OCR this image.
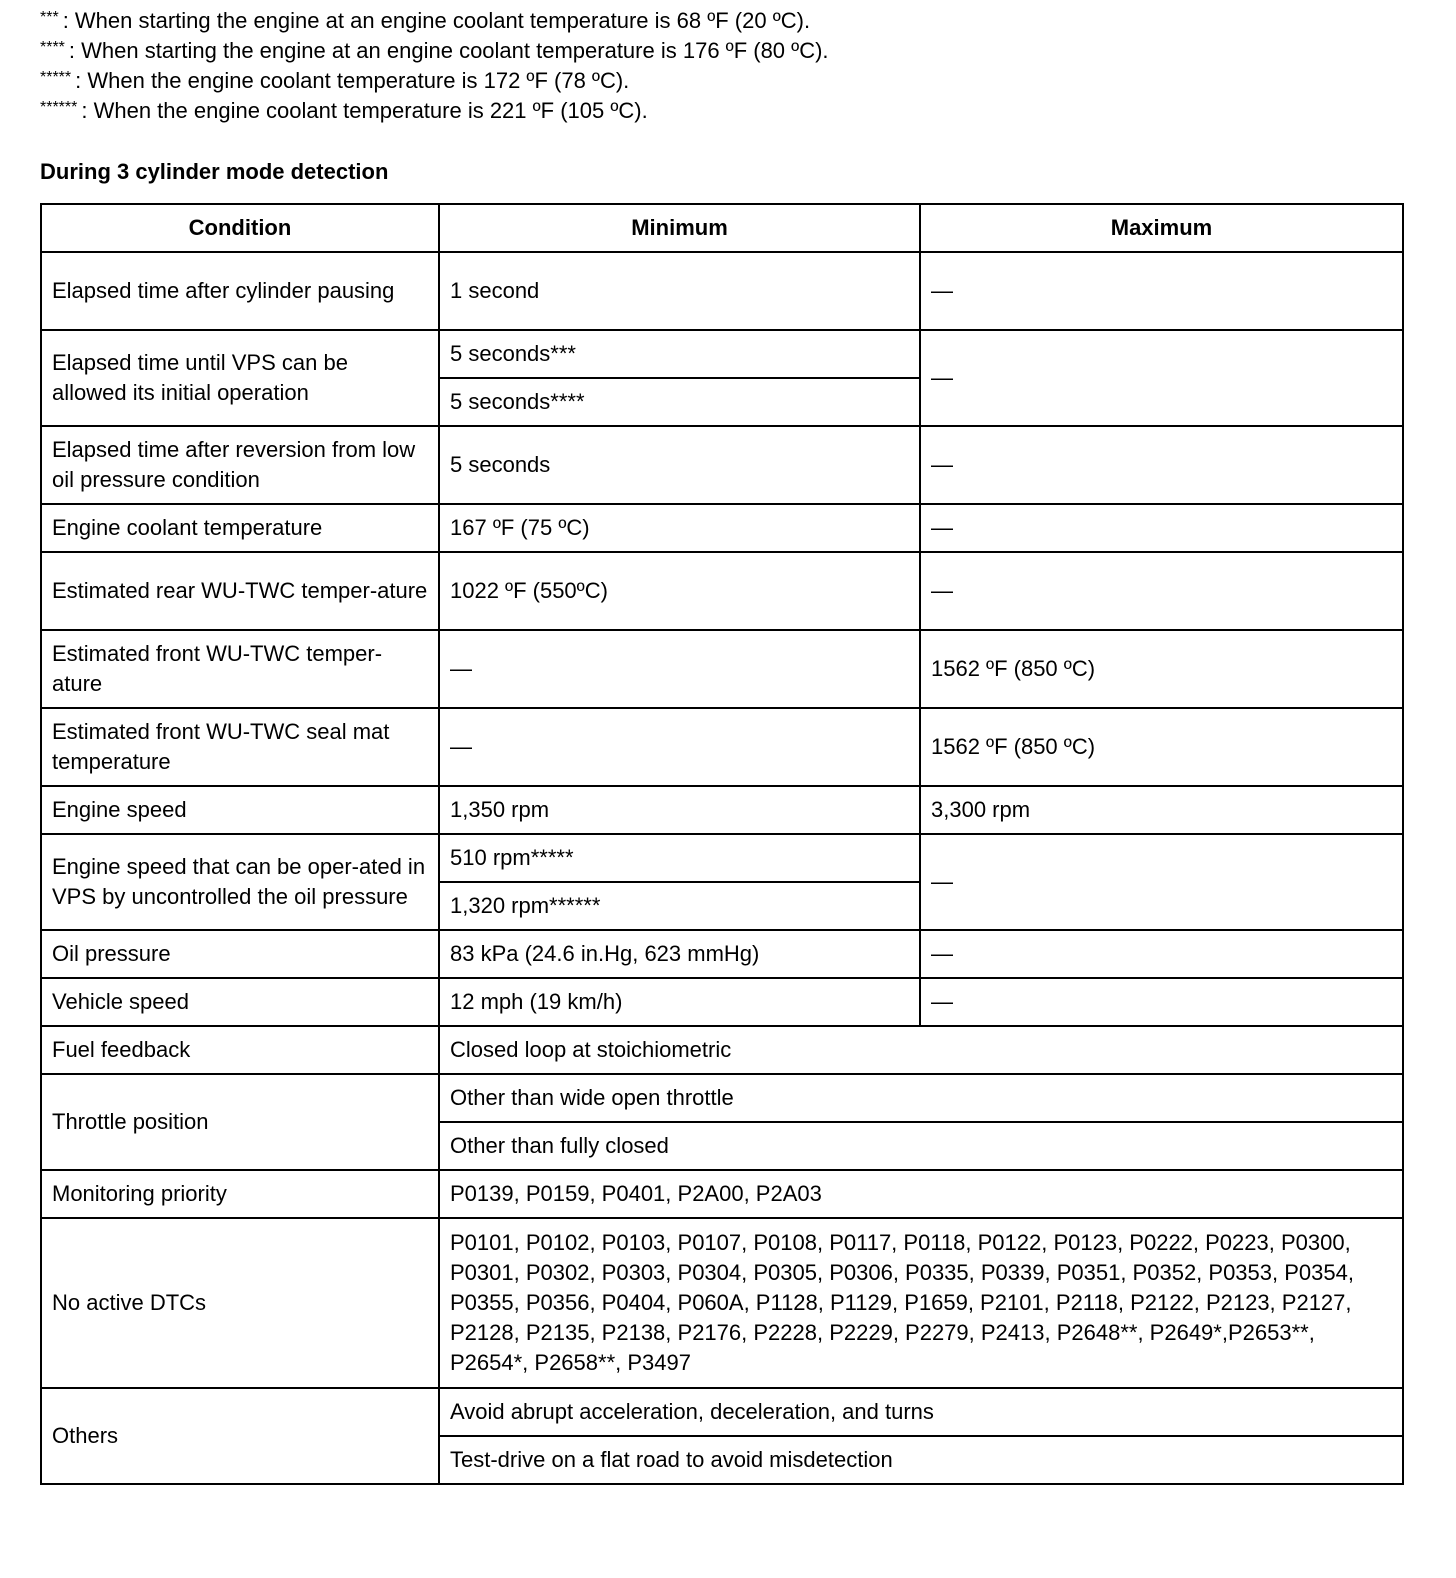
*** : When starting the engine at an engine coolant temperature is 68 ºF (20 ºC).
**** : When starting the engine at an engine coolant temperature is 176 ºF (80 ºC).
***** : When the engine coolant temperature is 172 ºF (78 ºC).
****** : When the engine coolant temperature is 221 ºF (105 ºC).
During 3 cylinder mode detection
Condition	Minimum	Maximum
Elapsed time after cylinder pausing	1 second	—
Elapsed time until VPS can be allowed its initial operation	5 seconds***	—
	5 seconds****	
Elapsed time after reversion from low oil pressure condition	5 seconds	—
Engine coolant temperature	167 ºF (75 ºC)	—
Estimated rear WU-TWC temper-ature	1022 ºF (550ºC)	—
Estimated front WU-TWC temper-ature	—	1562 ºF (850 ºC)
Estimated front WU-TWC seal mat temperature	—	1562 ºF (850 ºC)
Engine speed	1,350 rpm	3,300 rpm
Engine speed that can be oper-ated in VPS by uncontrolled the oil pressure	510 rpm*****	—
	1,320 rpm******	
Oil pressure	83 kPa (24.6 in.Hg, 623 mmHg)	—
Vehicle speed	12 mph (19 km/h)	—
Fuel feedback	Closed loop at stoichiometric	
Throttle position	Other than wide open throttle	
	Other than fully closed	
Monitoring priority	P0139, P0159, P0401, P2A00, P2A03	
No active DTCs	P0101, P0102, P0103, P0107, P0108, P0117, P0118, P0122, P0123, P0222, P0223, P0300, P0301, P0302, P0303, P0304, P0305, P0306, P0335, P0339, P0351, P0352, P0353, P0354, P0355, P0356, P0404, P060A, P1128, P1129, P1659, P2101, P2118, P2122, P2123, P2127, P2128, P2135, P2138, P2176, P2228, P2229, P2279, P2413, P2648**, P2649*,P2653**, P2654*, P2658**, P3497	
Others	Avoid abrupt acceleration, deceleration, and turns	
	Test-drive on a flat road to avoid misdetection	
